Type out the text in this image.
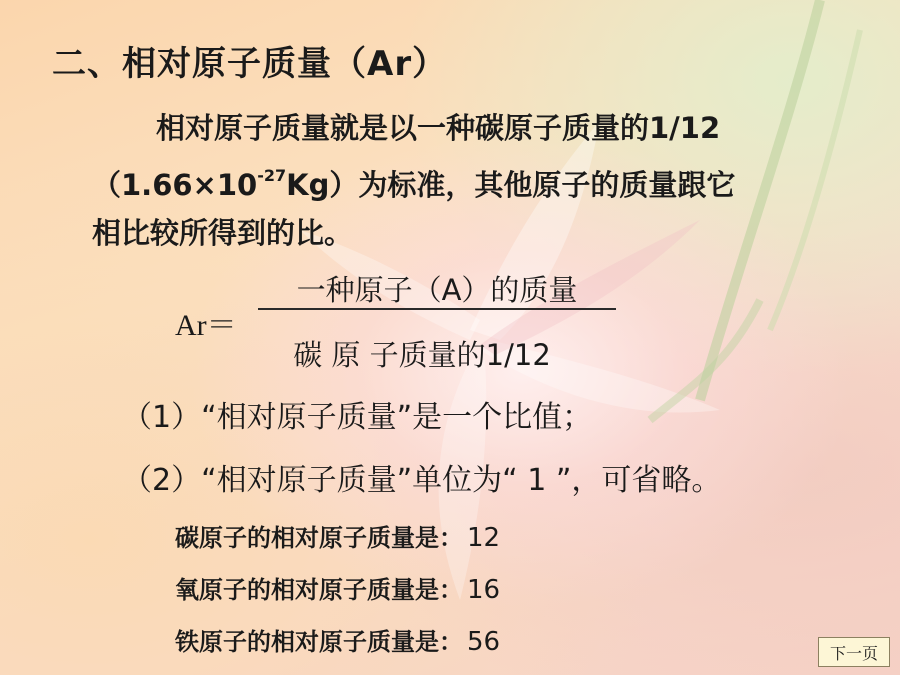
二、相对原子质量（Ar）
相对原子质量就是以一种碳原子质量的1/12
$(1.66\times 10^{-27}Kg)$为标准，其他原子的质量跟它
相比较所得到的比。
Ar＝
一种原子（A）的质量
碳 原 子质量的1/12
（1）“相对原子质量”是一个比值；
（2）“相对原子质量”单位为“ 1 ”，可省略。
碳原子的相对原子质量是： 12
氧原子的相对原子质量是： 16
铁原子的相对原子质量是： 56	下一页
